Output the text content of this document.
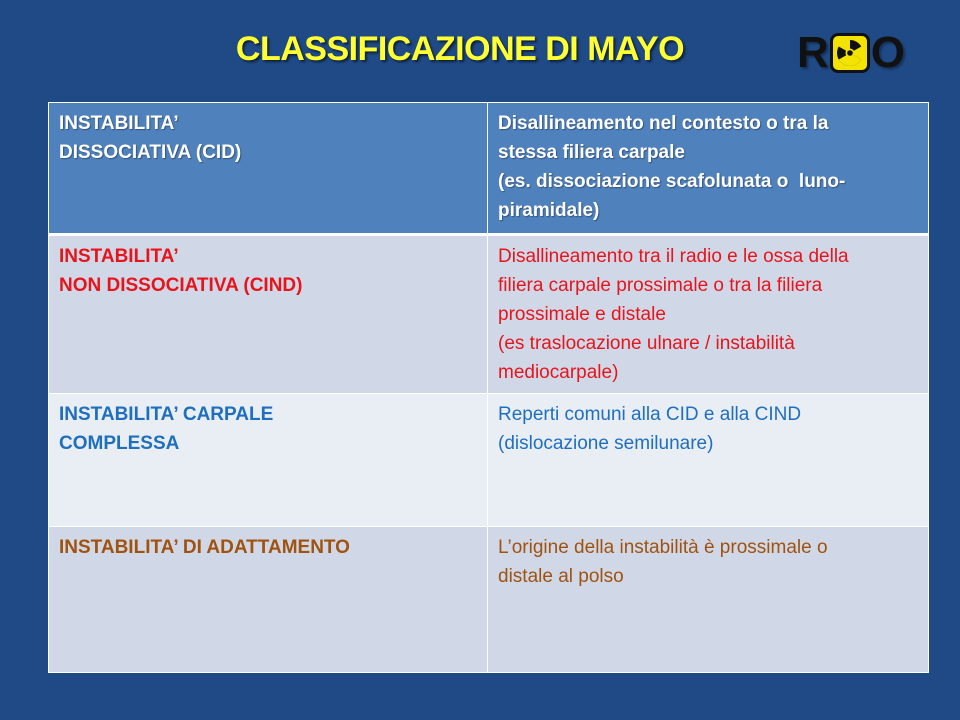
CLASSIFICAZIONE DI MAYO	R O
INSTABILITA’
DISSOCIATIVA (CID)	Disallineamento nel contesto o tra la
stessa filiera carpale
(es. dissociazione scafolunata o  luno-
piramidale)

INSTABILITA’
NON DISSOCIATIVA (CIND)	Disallineamento tra il radio e le ossa della
filiera carpale prossimale o tra la filiera
prossimale e distale
(es traslocazione ulnare / instabilità
mediocarpale)

INSTABILITA’ CARPALE
COMPLESSA	Reperti comuni alla CID e alla CIND
(dislocazione semilunare)

INSTABILITA’ DI ADATTAMENTO	L’origine della instabilità è prossimale o
distale al polso
